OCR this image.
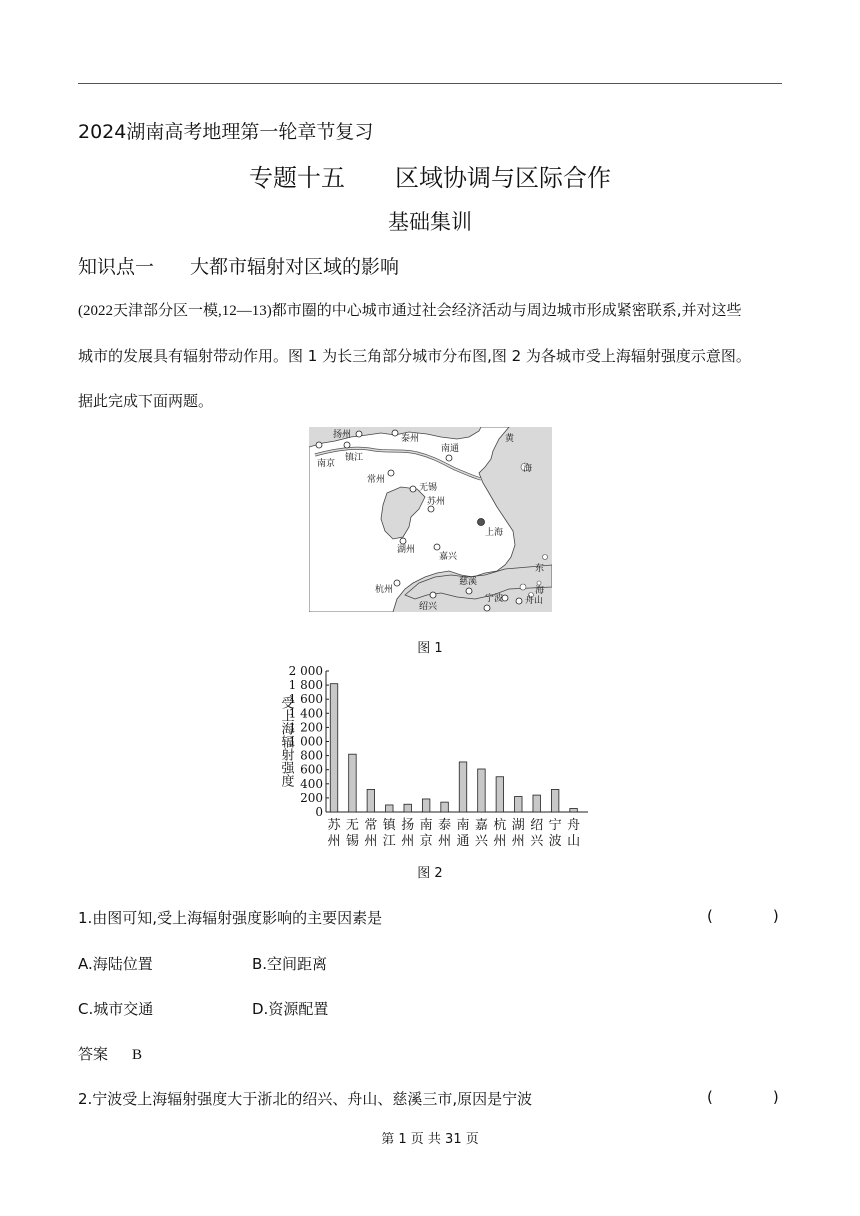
2024湖南高考地理第一轮章节复习
专题十五 区域协调与区际合作
基础集训
知识点一 大都市辐射对区域的影响
(2022天津部分区一模,12—13)都市圈的中心城市通过社会经济活动与周边城市形成紧密联系,并对这些
城市的发展具有辐射带动作用。图 1 为长三角部分城市分布图,图 2 为各城市受上海辐射强度示意图。
据此完成下面两题。
扬州	泰州
南通
南京
镇江
常州
无锡
苏州
上海
湖州
嘉兴
杭州
慈溪
绍兴
宁波 舟山
黄
海
东
海
图 1
0
200
400
600
800
1 000
1 200
1 400
1 600
1 800
2 000
受上海辐射强度
苏
州
无
锡
常
州
镇
江
扬
州
南
京
泰
州
南
通
嘉
兴
杭
州
湖
州
绍
兴
宁
波
舟
山
图 2
1.由图可知,受上海辐射强度影响的主要因素是	(	)
A.海陆位置	B.空间距离
C.城市交通	D.资源配置
答案 B
2.宁波受上海辐射强度大于浙北的绍兴、舟山、慈溪三市,原因是宁波	(	)
第 1 页 共 31 页
